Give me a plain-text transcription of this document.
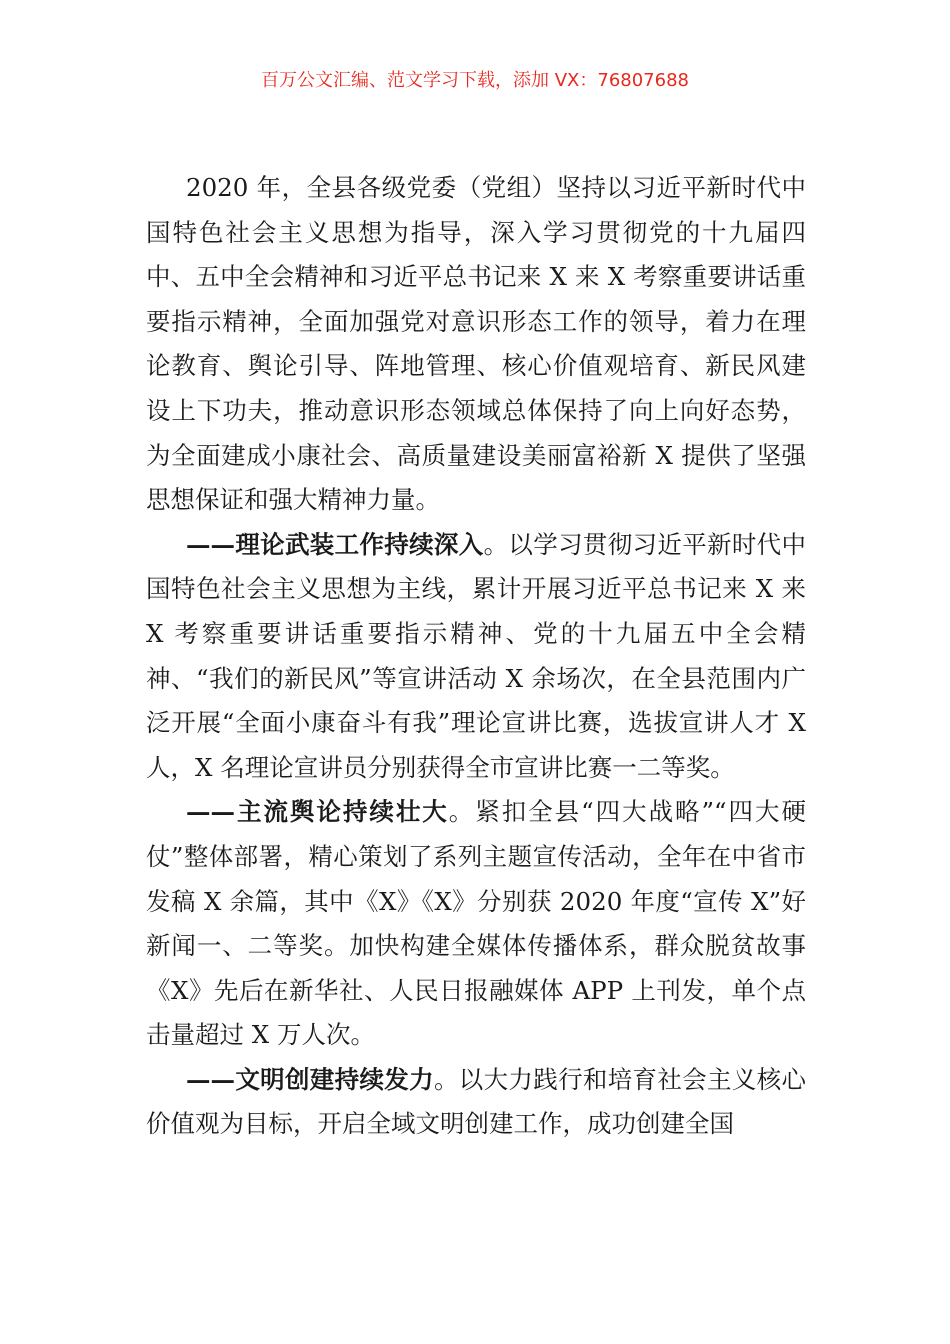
百万公文汇编、范文学习下载，添加 VX：76807688

2020 年，全县各级党委（党组）坚持以习近平新时代中国特色社会主义思想为指导，深入学习贯彻党的十九届四中、五中全会精神和习近平总书记来 X 来 X 考察重要讲话重要指示精神，全面加强党对意识形态工作的领导，着力在理论教育、舆论引导、阵地管理、核心价值观培育、新民风建设上下功夫，推动意识形态领域总体保持了向上向好态势，为全面建成小康社会、高质量建设美丽富裕新 X 提供了坚强思想保证和强大精神力量。

——理论武装工作持续深入。以学习贯彻习近平新时代中国特色社会主义思想为主线，累计开展习近平总书记来 X 来 X 考察重要讲话重要指示精神、党的十九届五中全会精神、“我们的新民风”等宣讲活动 X 余场次，在全县范围内广泛开展“全面小康奋斗有我”理论宣讲比赛，选拔宣讲人才 X 人，X 名理论宣讲员分别获得全市宣讲比赛一二等奖。

——主流舆论持续壮大。紧扣全县“四大战略”“四大硬仗”整体部署，精心策划了系列主题宣传活动，全年在中省市发稿 X 余篇，其中《X》《X》分别获 2020 年度“宣传 X”好新闻一、二等奖。加快构建全媒体传播体系，群众脱贫故事《X》先后在新华社、人民日报融媒体 APP 上刊发，单个点击量超过 X 万人次。

——文明创建持续发力。以大力践行和培育社会主义核心价值观为目标，开启全域文明创建工作，成功创建全国
